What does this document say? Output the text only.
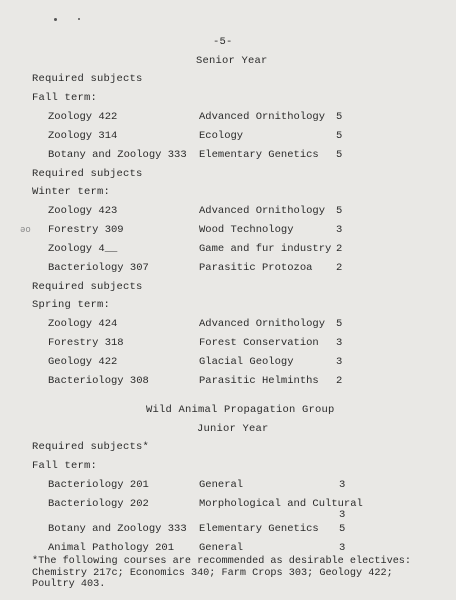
-5-
Senior Year
Required subjects
Fall term:
Zoology 422	Advanced Ornithology 5
Zoology 314	Ecology	5
Botany and Zoology 333 Elementary Genetics 5
Required subjects
Winter term:
Zoology 423	Advanced Ornithology 5
ǝo Forestry 309	Wood Technology	3
Zoology 4__	Game and fur industry 2
Bacteriology 307	Parasitic Protozoa 2
Required subjects
Spring term:
Zoology 424	Advanced Ornithology 5
Forestry 318	Forest Conservation 3
Geology 422	Glacial Geology	3
Bacteriology 308	Parasitic Helminths 2
Wild Animal Propagation Group
Junior Year
Required subjects*
Fall term:
Bacteriology 201	General	3
Bacteriology 202	Morphological and Cultural
3
Botany and Zoology 333 Elementary Genetics 5
Animal Pathology 201 General	3
*The following courses are recommended as desirable electives:
Chemistry 217c; Economics 340; Farm Crops 303; Geology 422;
Poultry 403.
